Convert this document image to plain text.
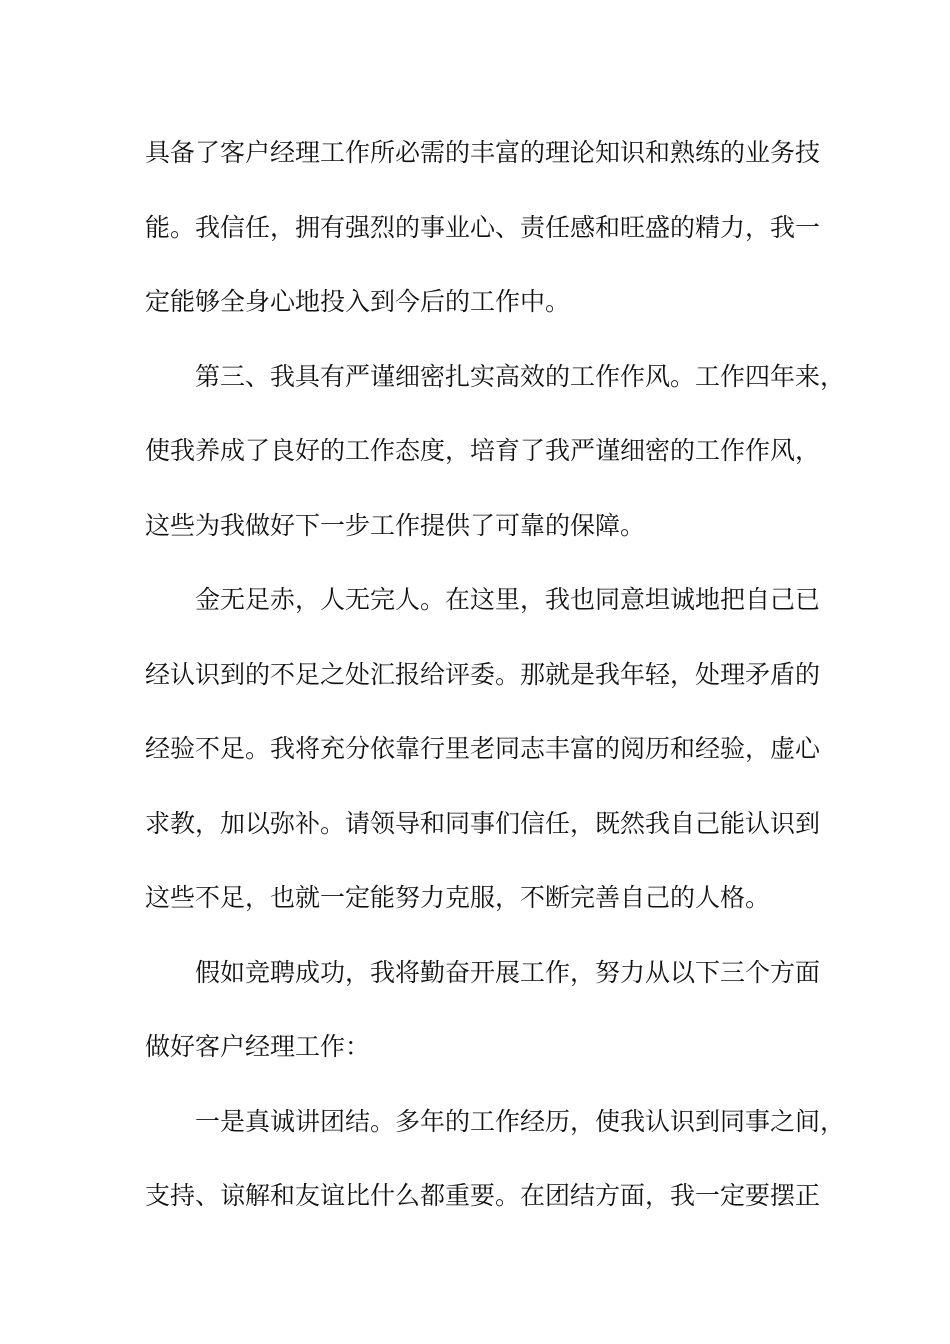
具备了客户经理工作所必需的丰富的理论知识和熟练的业务技
能。我信任，拥有强烈的事业心、责任感和旺盛的精力，我一
定能够全身心地投入到今后的工作中。
第三、我具有严谨细密扎实高效的工作作风。工作四年来，
使我养成了良好的工作态度，培育了我严谨细密的工作作风，
这些为我做好下一步工作提供了可靠的保障。
金无足赤，人无完人。在这里，我也同意坦诚地把自己已
经认识到的不足之处汇报给评委。那就是我年轻，处理矛盾的
经验不足。我将充分依靠行里老同志丰富的阅历和经验，虚心
求教，加以弥补。请领导和同事们信任，既然我自己能认识到
这些不足，也就一定能努力克服，不断完善自己的人格。
假如竞聘成功，我将勤奋开展工作，努力从以下三个方面
做好客户经理工作：
一是真诚讲团结。多年的工作经历，使我认识到同事之间，
支持、谅解和友谊比什么都重要。在团结方面，我一定要摆正
